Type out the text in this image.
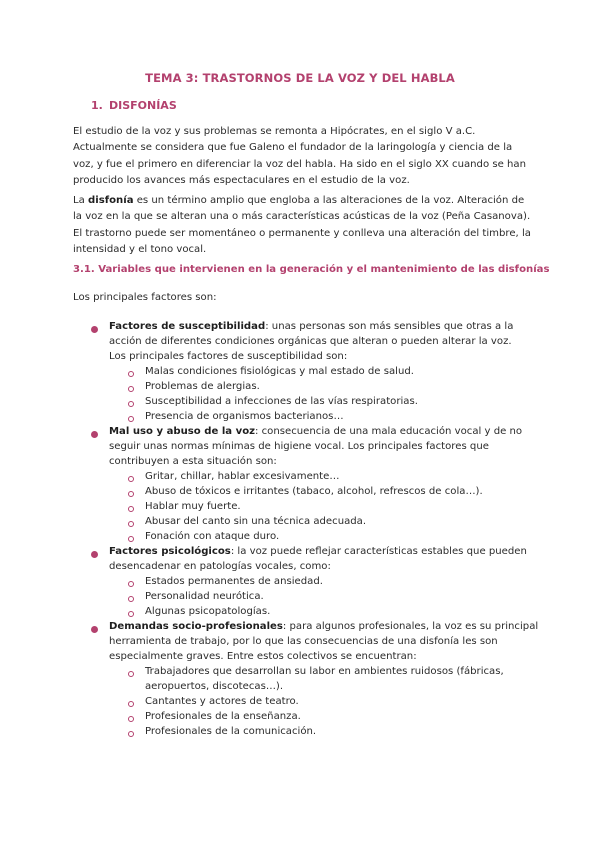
TEMA 3: TRASTORNOS DE LA VOZ Y DEL HABLA
1. DISFONÍAS
El estudio de la voz y sus problemas se remonta a Hipócrates, en el siglo V a.C.
Actualmente se considera que fue Galeno el fundador de la laringología y ciencia de la
voz, y fue el primero en diferenciar la voz del habla. Ha sido en el siglo XX cuando se han
producido los avances más espectaculares en el estudio de la voz.
La disfonía es un término amplio que engloba a las alteraciones de la voz. Alteración de
la voz en la que se alteran una o más características acústicas de la voz (Peña Casanova).
El trastorno puede ser momentáneo o permanente y conlleva una alteración del timbre, la
intensidad y el tono vocal.
3.1. Variables que intervienen en la generación y el mantenimiento de las disfonías
Los principales factores son:
Factores de susceptibilidad: unas personas son más sensibles que otras a la
acción de diferentes condiciones orgánicas que alteran o pueden alterar la voz.
Los principales factores de susceptibilidad son:
Malas condiciones fisiológicas y mal estado de salud.
Problemas de alergias.
Susceptibilidad a infecciones de las vías respiratorias.
Presencia de organismos bacterianos…
Mal uso y abuso de la voz: consecuencia de una mala educación vocal y de no
seguir unas normas mínimas de higiene vocal. Los principales factores que
contribuyen a esta situación son:
Gritar, chillar, hablar excesivamente…
Abuso de tóxicos e irritantes (tabaco, alcohol, refrescos de cola…).
Hablar muy fuerte.
Abusar del canto sin una técnica adecuada.
Fonación con ataque duro.
Factores psicológicos: la voz puede reflejar características estables que pueden
desencadenar en patologías vocales, como:
Estados permanentes de ansiedad.
Personalidad neurótica.
Algunas psicopatologías.
Demandas socio-profesionales: para algunos profesionales, la voz es su principal
herramienta de trabajo, por lo que las consecuencias de una disfonía les son
especialmente graves. Entre estos colectivos se encuentran:
Trabajadores que desarrollan su labor en ambientes ruidosos (fábricas,
aeropuertos, discotecas…).
Cantantes y actores de teatro.
Profesionales de la enseñanza.
Profesionales de la comunicación.
